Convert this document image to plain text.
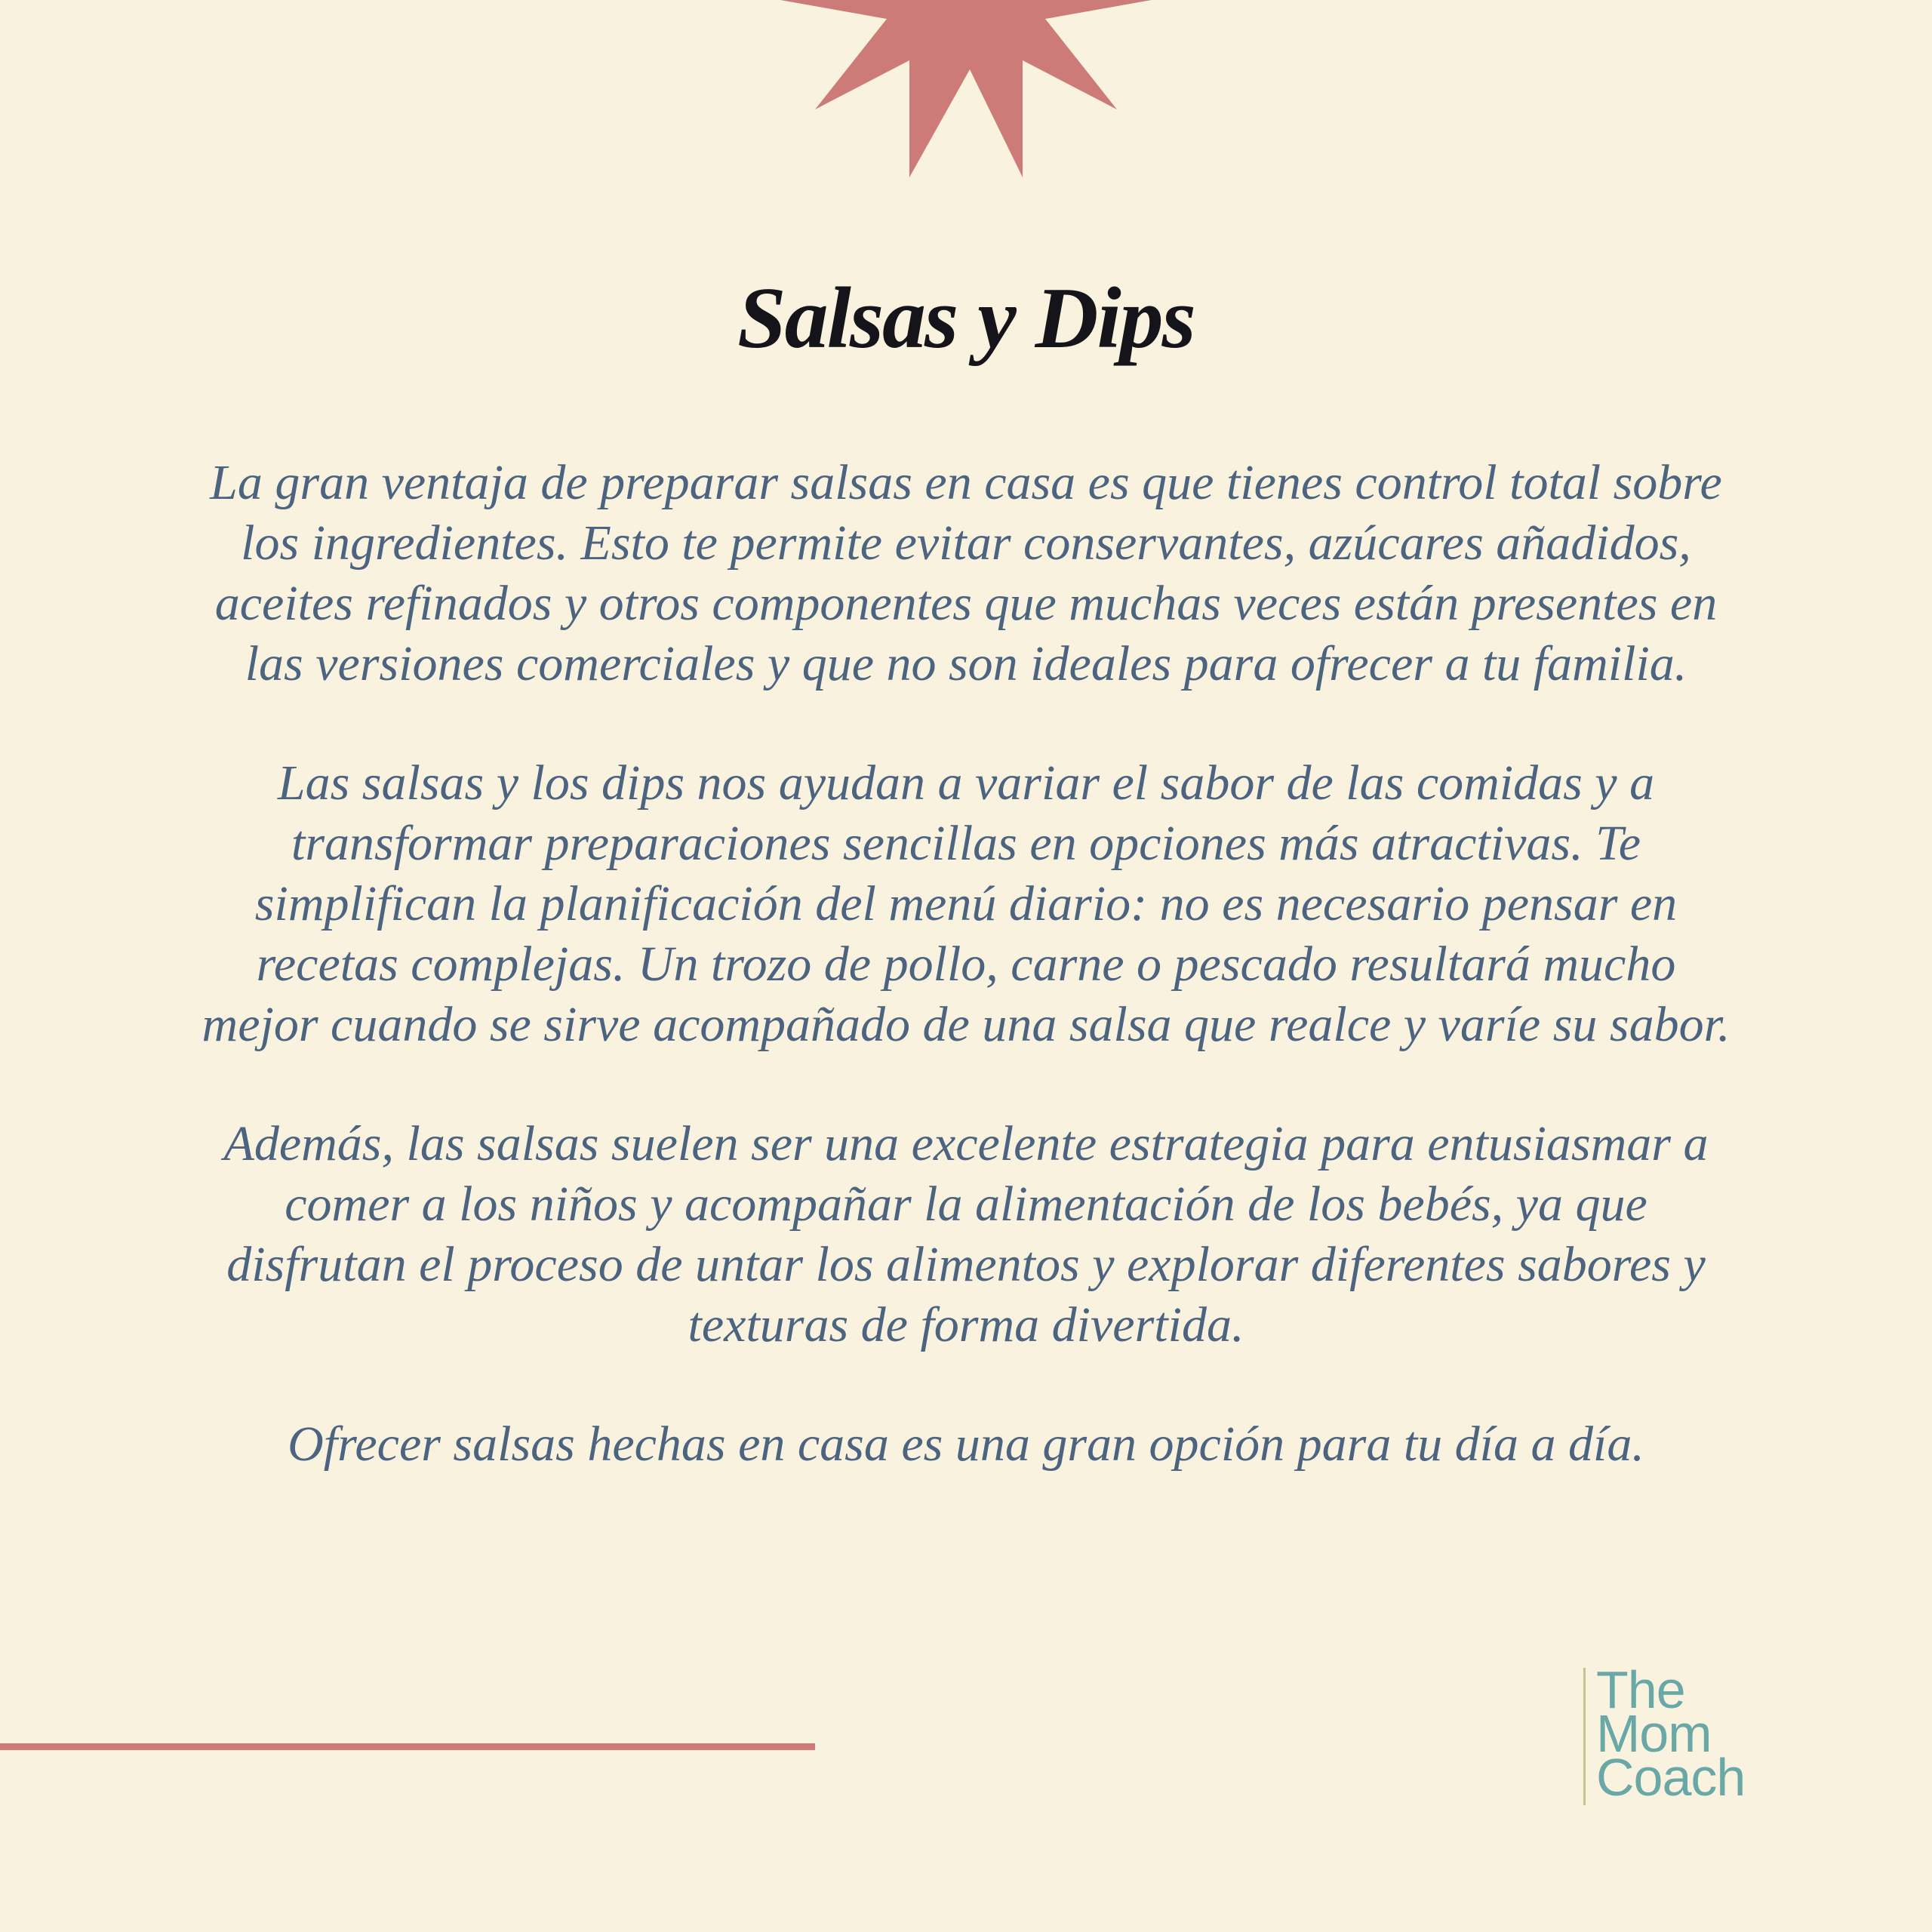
Salsas y Dips

La gran ventaja de preparar salsas en casa es que tienes control total sobre los ingredientes. Esto te permite evitar conservantes, azúcares añadidos, aceites refinados y otros componentes que muchas veces están presentes en las versiones comerciales y que no son ideales para ofrecer a tu familia.

Las salsas y los dips nos ayudan a variar el sabor de las comidas y a transformar preparaciones sencillas en opciones más atractivas. Te simplifican la planificación del menú diario: no es necesario pensar en recetas complejas. Un trozo de pollo, carne o pescado resultará mucho mejor cuando se sirve acompañado de una salsa que realce y varíe su sabor.

Además, las salsas suelen ser una excelente estrategia para entusiasmar a comer a los niños y acompañar la alimentación de los bebés, ya que disfrutan el proceso de untar los alimentos y explorar diferentes sabores y texturas de forma divertida.

Ofrecer salsas hechas en casa es una gran opción para tu día a día.

The
Mom
Coach
